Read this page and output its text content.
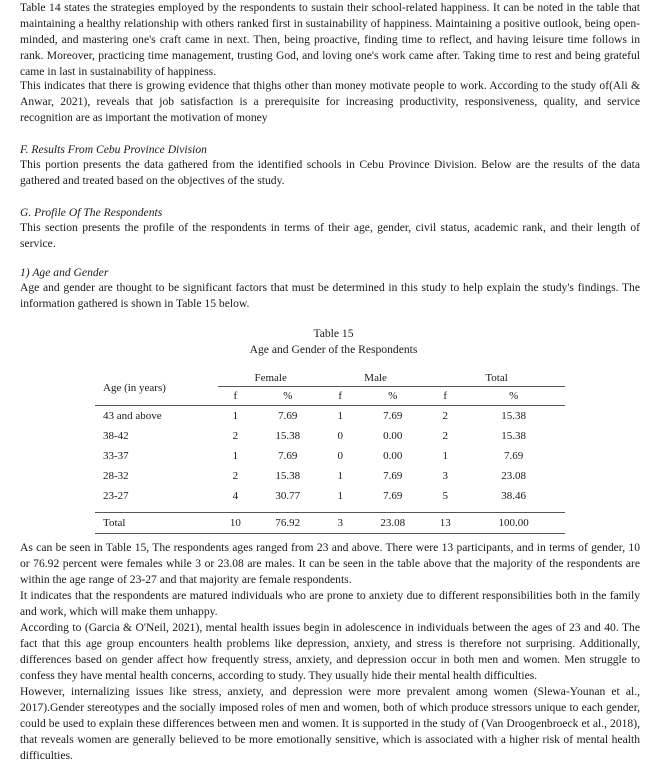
Table 14 states the strategies employed by the respondents to sustain their school-related happiness. It can be noted in the table that maintaining a healthy relationship with others ranked first in sustainability of happiness. Maintaining a positive outlook, being open-minded, and mastering one's craft came in next. Then, being proactive, finding time to reflect, and having leisure time follows in rank. Moreover, practicing time management, trusting God, and loving one's work came after. Taking time to rest and being grateful came in last in sustainability of happiness.

This indicates that there is growing evidence that thighs other than money motivate people to work. According to the study of(Ali & Anwar, 2021), reveals that job satisfaction is a prerequisite for increasing productivity, responsiveness, quality, and service recognition are as important the motivation of money

F. Results From Cebu Province Division

This portion presents the data gathered from the identified schools in Cebu Province Division. Below are the results of the data gathered and treated based on the objectives of the study.

G. Profile Of The Respondents

This section presents the profile of the respondents in terms of their age, gender, civil status, academic rank, and their length of service.

1) Age and Gender

Age and gender are thought to be significant factors that must be determined in this study to help explain the study's findings. The information gathered is shown in Table 15 below.

Table 15
Age and Gender of the Respondents
Age (in years)	Female		Male		Total	
	f	%	f	%	f	%
43 and above	1	7.69	1	7.69	2	15.38
38-42	2	15.38	0	0.00	2	15.38
33-37	1	7.69	0	0.00	1	7.69
28-32	2	15.38	1	7.69	3	23.08
23-27	4	30.77	1	7.69	5	38.46

Total	10	76.92	3	23.08	13	100.00

As can be seen in Table 15, The respondents ages ranged from 23 and above. There were 13 participants, and in terms of gender, 10 or 76.92 percent were females while 3 or 23.08 are males. It can be seen in the table above that the majority of the respondents are within the age range of 23-27 and that majority are female respondents.

It indicates that the respondents are matured individuals who are prone to anxiety due to different responsibilities both in the family and work, which will make them unhappy.

According to (Garcia & O'Neil, 2021), mental health issues begin in adolescence in individuals between the ages of 23 and 40. The fact that this age group encounters health problems like depression, anxiety, and stress is therefore not surprising. Additionally, differences based on gender affect how frequently stress, anxiety, and depression occur in both men and women. Men struggle to confess they have mental health concerns, according to study. They usually hide their mental health difficulties.

However, internalizing issues like stress, anxiety, and depression were more prevalent among women (Slewa-Younan et al., 2017).Gender stereotypes and the socially imposed roles of men and women, both of which produce stressors unique to each gender, could be used to explain these differences between men and women. It is supported in the study of (Van Droogenbroeck et al., 2018), that reveals women are generally believed to be more emotionally sensitive, which is associated with a higher risk of mental health difficulties.
